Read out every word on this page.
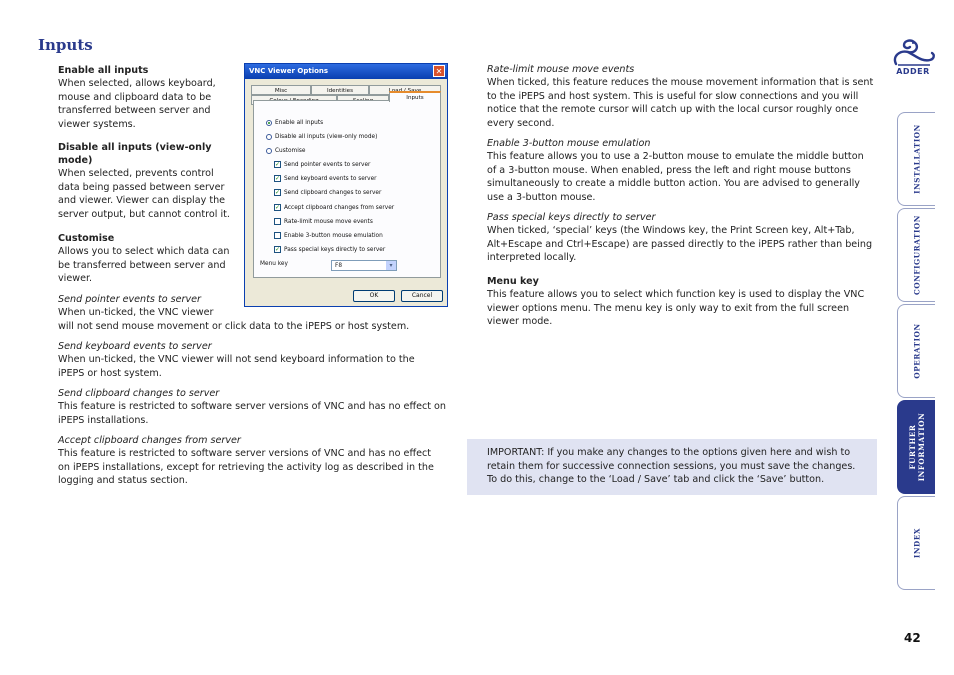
Inputs
Enable all inputs
When selected, allows keyboard,
mouse and clipboard data to be
transferred between server and
viewer systems.
Disable all inputs (view-only
mode)
When selected, prevents control
data being passed between server
and viewer. Viewer can display the
server output, but cannot control it.
Customise
Allows you to select which data can
be transferred between server and
viewer.
Send pointer events to server
When un-ticked, the VNC viewer
will not send mouse movement or click data to the iPEPS or host system.
Send keyboard events to server
When un-ticked, the VNC viewer will not send keyboard information to the
iPEPS or host system.
Send clipboard changes to server
This feature is restricted to software server versions of VNC and has no effect on
iPEPS installations.
Accept clipboard changes from server
This feature is restricted to software server versions of VNC and has no effect
on iPEPS installations, except for retrieving the activity log as described in the
logging and status section.
VNC Viewer Options	✕
Misc	Identities
Inputs
Enable all inputs
Disable all inputs (view-only mode)
Customise
✓ Send pointer events to server
✓ Send keyboard events to server
✓ Send clipboard changes to server
✓ Accept clipboard changes from server
Rate-limit mouse move events
Enable 3-button mouse emulation
✓ Pass special keys directly to server
Menu key	F8	▾
OK	Cancel
Rate-limit mouse move events
When ticked, this feature reduces the mouse movement information that is sent
to the iPEPS and host system. This is useful for slow connections and you will
notice that the remote cursor will catch up with the local cursor roughly once
every second.
Enable 3-button mouse emulation
This feature allows you to use a 2-button mouse to emulate the middle button
of a 3-button mouse. When enabled, press the left and right mouse buttons
simultaneously to create a middle button action. You are advised to generally
use a 3-button mouse.
Pass special keys directly to server
When ticked, ‘special’ keys (the Windows key, the Print Screen key, Alt+Tab,
Alt+Escape and Ctrl+Escape) are passed directly to the iPEPS rather than being
interpreted locally.
Menu key
This feature allows you to select which function key is used to display the VNC
viewer options menu. The menu key is only way to exit from the full screen
viewer mode.
IMPORTANT: If you make any changes to the options given here and wish to
retain them for successive connection sessions, you must save the changes.
To do this, change to the ‘Load / Save’ tab and click the ‘Save’ button.
ADDER
INSTALLATION
CONFIGURATION
OPERATION
FURTHER INFORMATION
INDEX
42
